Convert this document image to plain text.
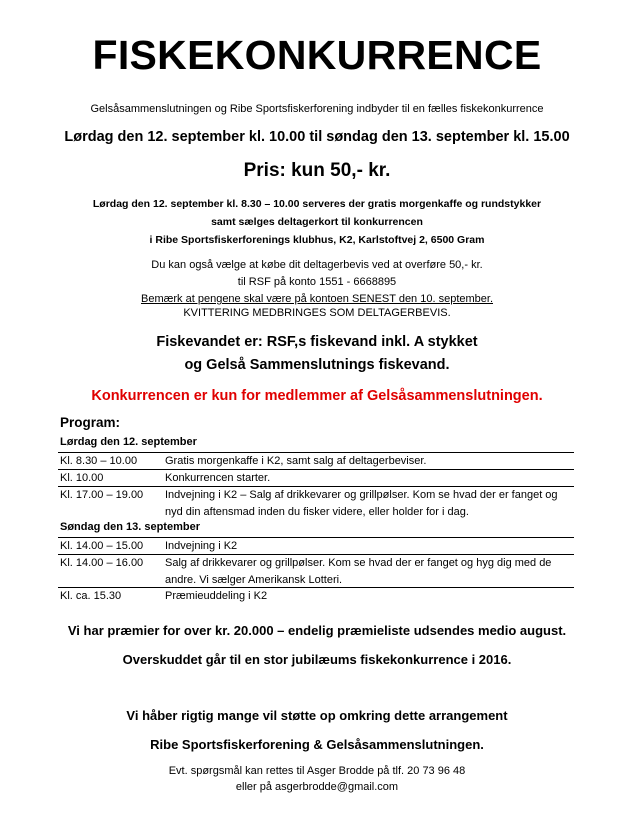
FISKEKONKURRENCE
Gelsåsammenslutningen og Ribe Sportsfiskerforening indbyder til en fælles fiskekonkurrence
Lørdag den 12. september kl. 10.00 til søndag den 13. september kl. 15.00
Pris: kun 50,- kr.
Lørdag den 12. september kl. 8.30 – 10.00 serveres der gratis morgenkaffe og rundstykker
samt sælges deltagerkort til konkurrencen
i Ribe Sportsfiskerforenings klubhus, K2, Karlstoftvej 2, 6500 Gram
Du kan også vælge at købe dit deltagerbevis ved at overføre 50,- kr.
til RSF på konto 1551 - 6668895
Bemærk at pengene skal være på kontoen SENEST den 10. september.
KVITTERING MEDBRINGES SOM DELTAGERBEVIS.
Fiskevandet er: RSF,s fiskevand inkl. A stykket
og Gelså Sammenslutnings fiskevand.
Konkurrencen er kun for medlemmer af Gelsåsammenslutningen.
Program:
Lørdag den 12. september
Kl. 8.30 – 10.00	Gratis morgenkaffe i K2, samt salg af deltagerbeviser.
Kl. 10.00	Konkurrencen starter.
Kl. 17.00 – 19.00	Indvejning i K2 – Salg af drikkevarer og grillpølser. Kom se hvad der er fanget og nyd din aftensmad inden du fisker videre, eller holder for i dag.
Søndag den 13. september
Kl. 14.00 – 15.00	Indvejning i K2
Kl. 14.00 – 16.00	Salg af drikkevarer og grillpølser. Kom se hvad der er fanget og hyg dig med de andre. Vi sælger Amerikansk Lotteri.
Kl. ca. 15.30	Præmieuddeling i K2
Vi har præmier for over kr. 20.000 – endelig præmieliste udsendes medio august.
Overskuddet går til en stor jubilæums fiskekonkurrence i 2016.
Vi håber rigtig mange vil støtte op omkring dette arrangement
Ribe Sportsfiskerforening & Gelsåsammenslutningen.
Evt. spørgsmål kan rettes til Asger Brodde på tlf. 20 73 96 48
eller på asgerbrodde@gmail.com
